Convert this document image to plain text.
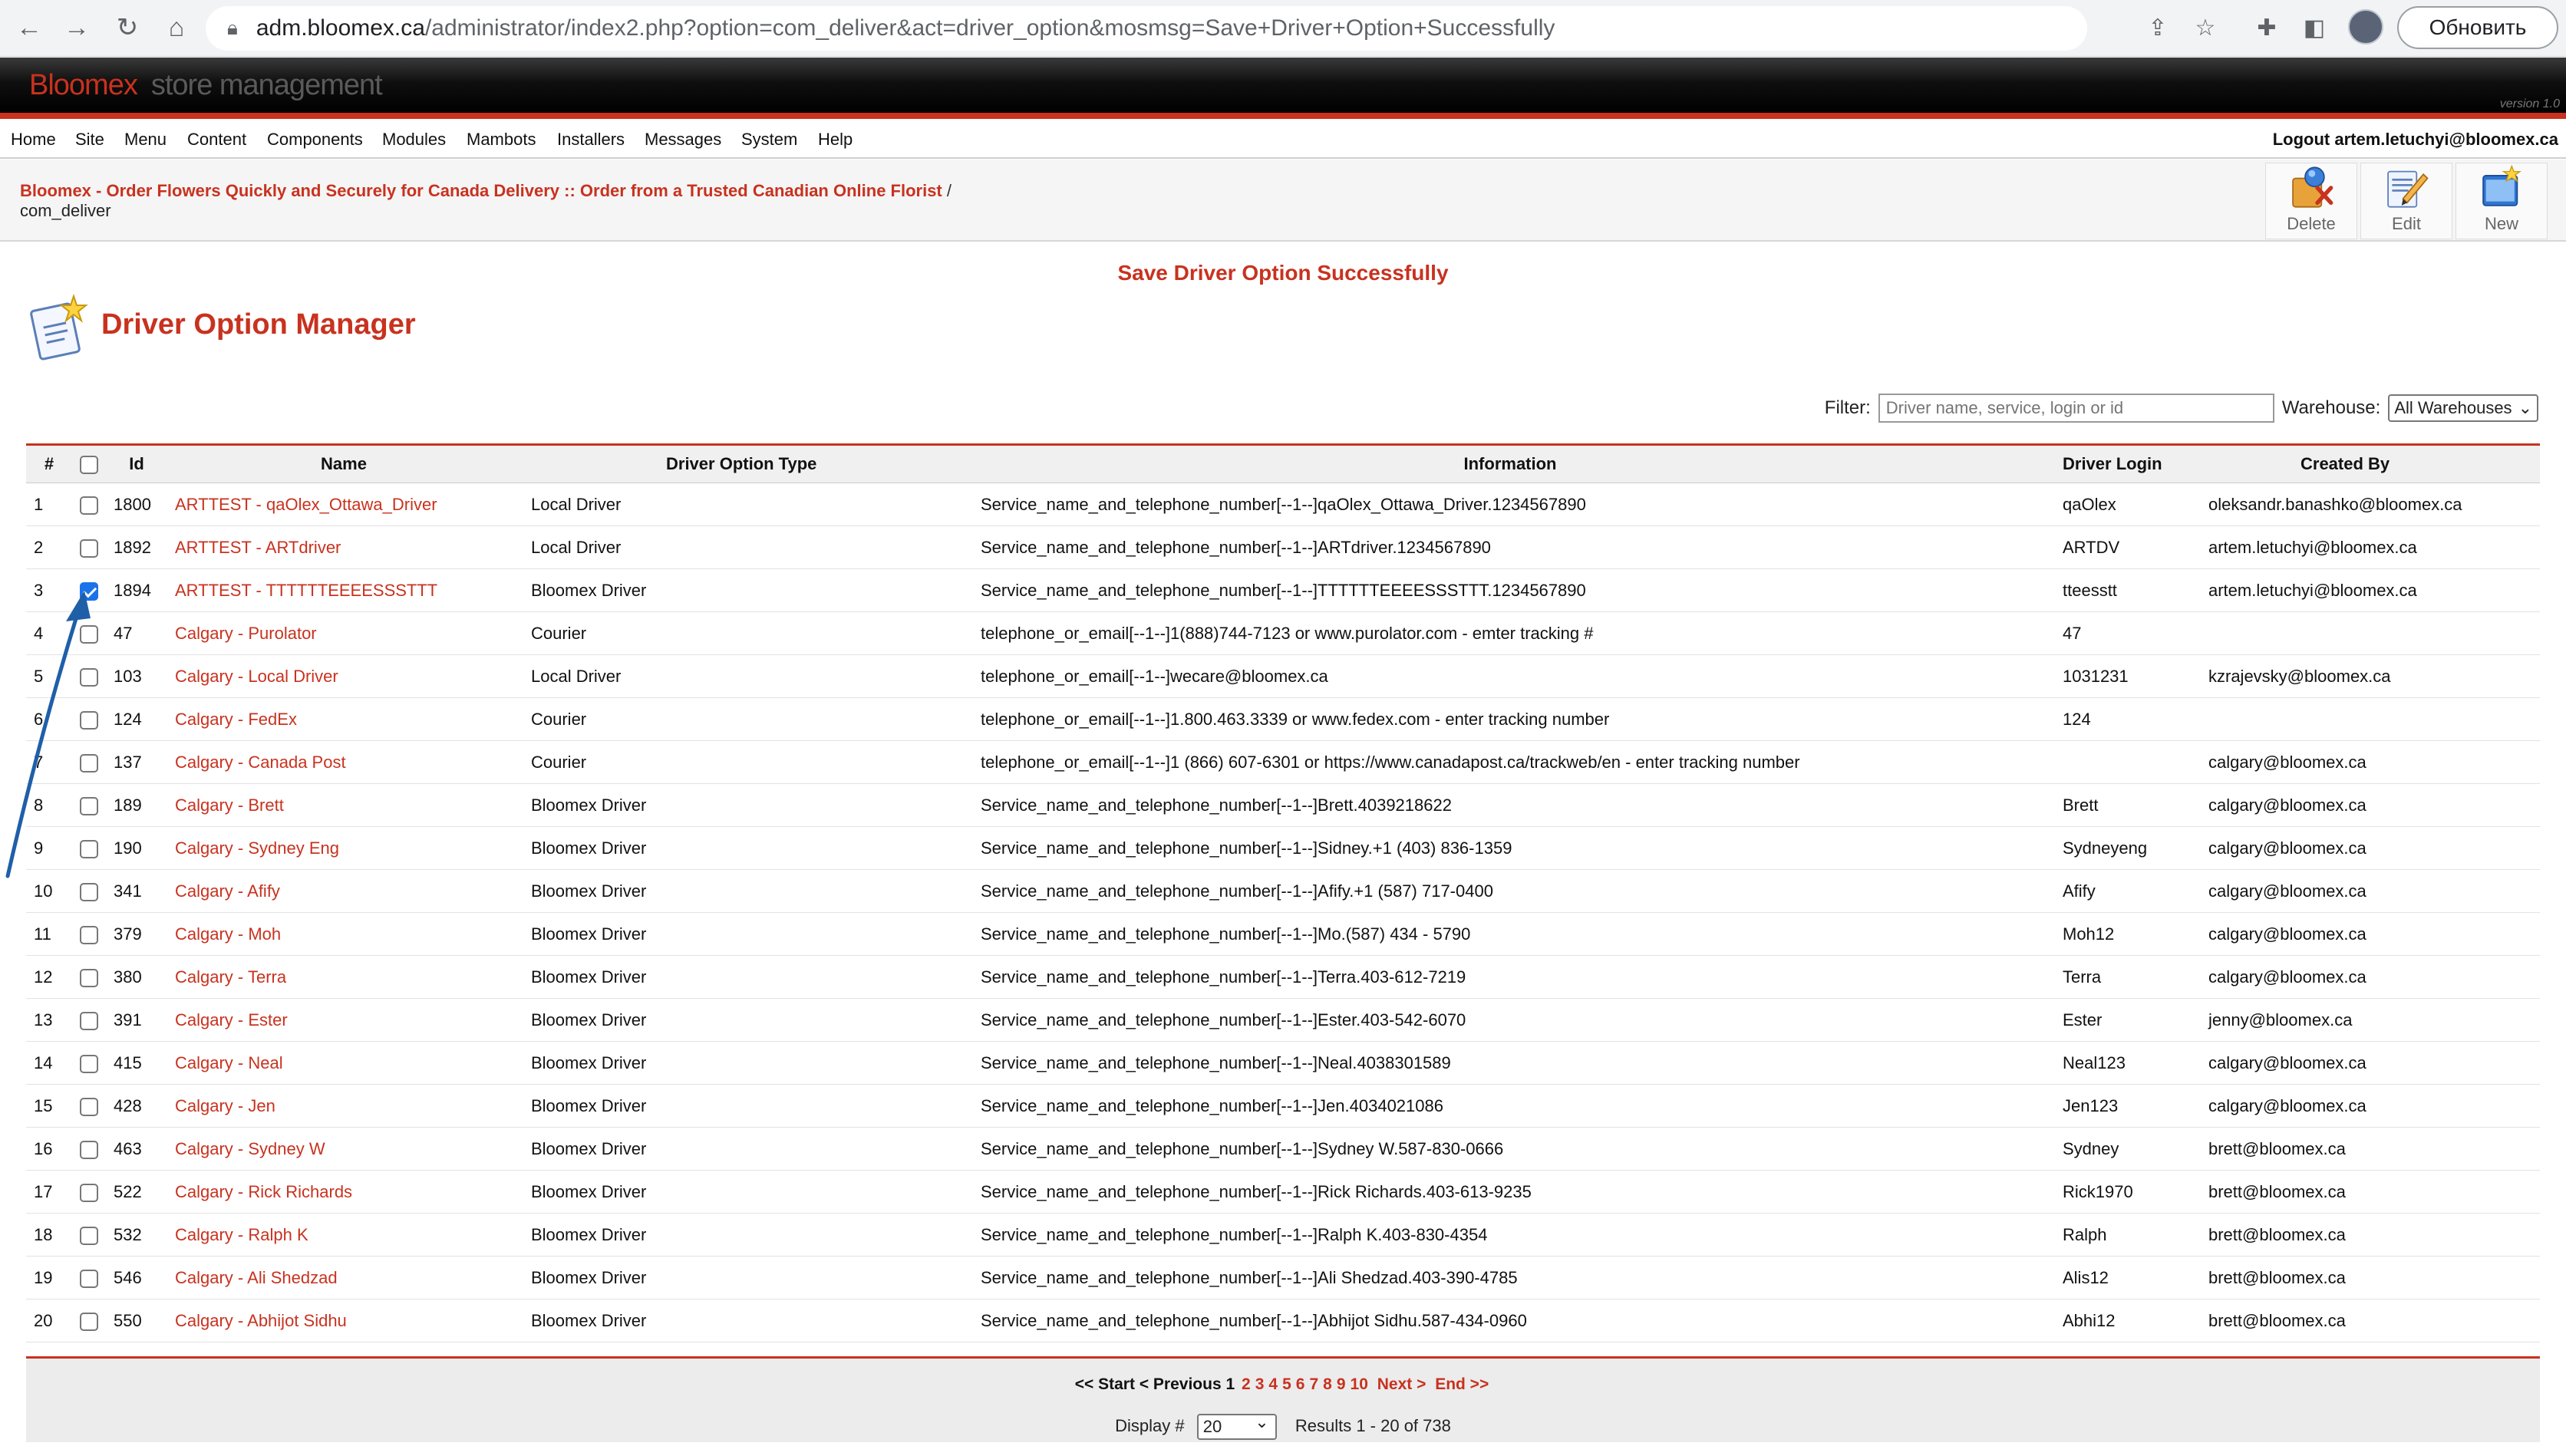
← →	↻	⌂	🔒︎ adm.bloomex.ca /administrator/index2.php?option=com_deliver&act=driver_option&mosmsg=Save+Driver+Option+Successfully	⇪	☆	✚	◧	Обновить
Bloomex store management
version 1.0
Home Site Menu Content Components Modules Mambots Installers Messages System Help	Logout artem.letuchyi@bloomex.ca
Bloomex - Order Flowers Quickly and Securely for Canada Delivery :: Order from a Trusted Canadian Online Florist /
com_deliver
Delete	Edit	New
Save Driver Option Successfully
Driver Option Manager
Filter:
Driver name, service, login or id	Warehouse: All Warehouses ⌄
#		Id	Name	Driver Option Type	Information	Driver Login	Created By
1		1800	ARTTEST - qaOlex_Ottawa_Driver	Local Driver	Service_name_and_telephone_number[--1--]qaOlex_Ottawa_Driver.1234567890	qaOlex	oleksandr.banashko@bloomex.ca
2		1892	ARTTEST - ARTdriver	Local Driver	Service_name_and_telephone_number[--1--]ARTdriver.1234567890	ARTDV	artem.letuchyi@bloomex.ca
3		1894	ARTTEST - TTTTTTEEEESSSTTT	Bloomex Driver	Service_name_and_telephone_number[--1--]TTTTTTEEEESSSTTT.1234567890	tteesstt	artem.letuchyi@bloomex.ca
4		47	Calgary - Purolator	Courier	telephone_or_email[--1--]1(888)744-7123 or www.purolator.com - emter tracking #	47	
5		103	Calgary - Local Driver	Local Driver	telephone_or_email[--1--]wecare@bloomex.ca	1031231	kzrajevsky@bloomex.ca
6		124	Calgary - FedEx	Courier	telephone_or_email[--1--]1.800.463.3339 or www.fedex.com - enter tracking number	124	
7		137	Calgary - Canada Post	Courier	telephone_or_email[--1--]1 (866) 607-6301 or https://www.canadapost.ca/trackweb/en - enter tracking number		calgary@bloomex.ca
8		189	Calgary - Brett	Bloomex Driver	Service_name_and_telephone_number[--1--]Brett.4039218622	Brett	calgary@bloomex.ca
9		190	Calgary - Sydney Eng	Bloomex Driver	Service_name_and_telephone_number[--1--]Sidney.+1 (403) 836-1359	Sydneyeng	calgary@bloomex.ca
10		341	Calgary - Afify	Bloomex Driver	Service_name_and_telephone_number[--1--]Afify.+1 (587) 717-0400	Afify	calgary@bloomex.ca
11		379	Calgary - Moh	Bloomex Driver	Service_name_and_telephone_number[--1--]Mo.(587) 434 - 5790	Moh12	calgary@bloomex.ca
12		380	Calgary - Terra	Bloomex Driver	Service_name_and_telephone_number[--1--]Terra.403-612-7219	Terra	calgary@bloomex.ca
13		391	Calgary - Ester	Bloomex Driver	Service_name_and_telephone_number[--1--]Ester.403-542-6070	Ester	jenny@bloomex.ca
14		415	Calgary - Neal	Bloomex Driver	Service_name_and_telephone_number[--1--]Neal.4038301589	Neal123	calgary@bloomex.ca
15		428	Calgary - Jen	Bloomex Driver	Service_name_and_telephone_number[--1--]Jen.4034021086	Jen123	calgary@bloomex.ca
16		463	Calgary - Sydney W	Bloomex Driver	Service_name_and_telephone_number[--1--]Sydney W.587-830-0666	Sydney	brett@bloomex.ca
17		522	Calgary - Rick Richards	Bloomex Driver	Service_name_and_telephone_number[--1--]Rick Richards.403-613-9235	Rick1970	brett@bloomex.ca
18		532	Calgary - Ralph K	Bloomex Driver	Service_name_and_telephone_number[--1--]Ralph K.403-830-4354	Ralph	brett@bloomex.ca
19		546	Calgary - Ali Shedzad	Bloomex Driver	Service_name_and_telephone_number[--1--]Ali Shedzad.403-390-4785	Alis12	brett@bloomex.ca
20		550	Calgary - Abhijot Sidhu	Bloomex Driver	Service_name_and_telephone_number[--1--]Abhijot Sidhu.587-434-0960	Abhi12	brett@bloomex.ca
<< Start < Previous 1 2 3 4 5 6 7 8 9 10 Next > End >>
Display # 20 ⌄	Results 1 - 20 of 738
